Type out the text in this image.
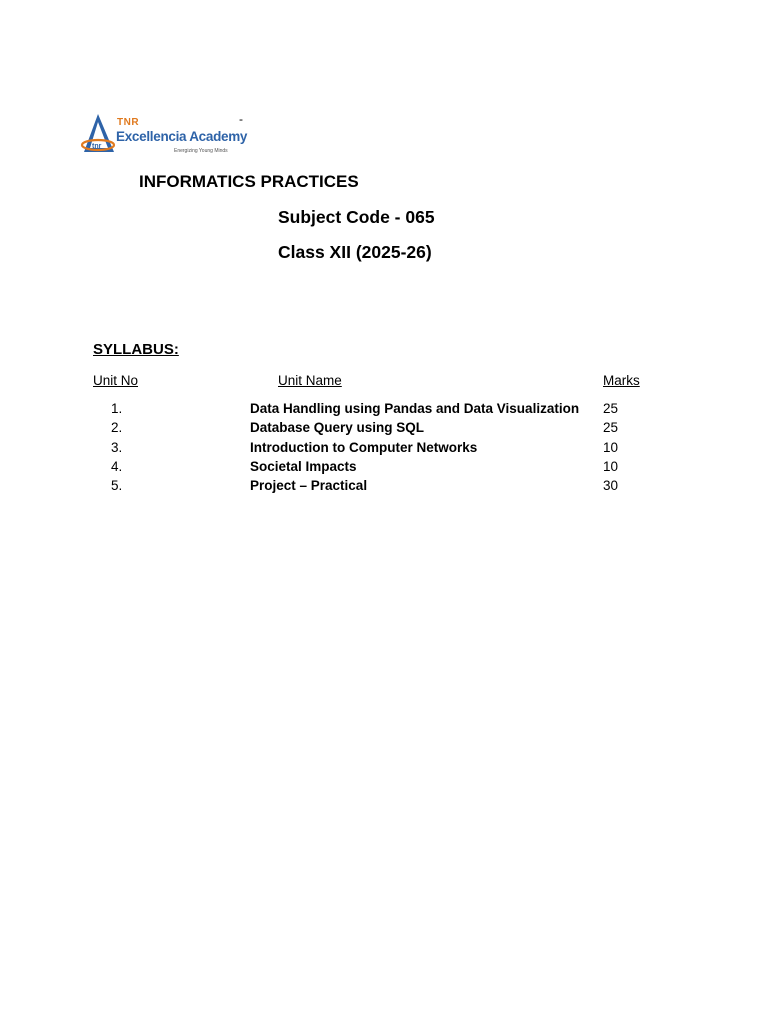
tnr
TNR
Excellencia Academy
Energizing Young Minds
-
INFORMATICS PRACTICES
Subject Code - 065
Class XII (2025-26)
SYLLABUS:
Unit No	Unit Name	Marks
1.	Data Handling using Pandas and Data Visualization 25
2.	Database Query using SQL	25
3.	Introduction to Computer Networks	10
4.	Societal Impacts	10
5.	Project – Practical	30
